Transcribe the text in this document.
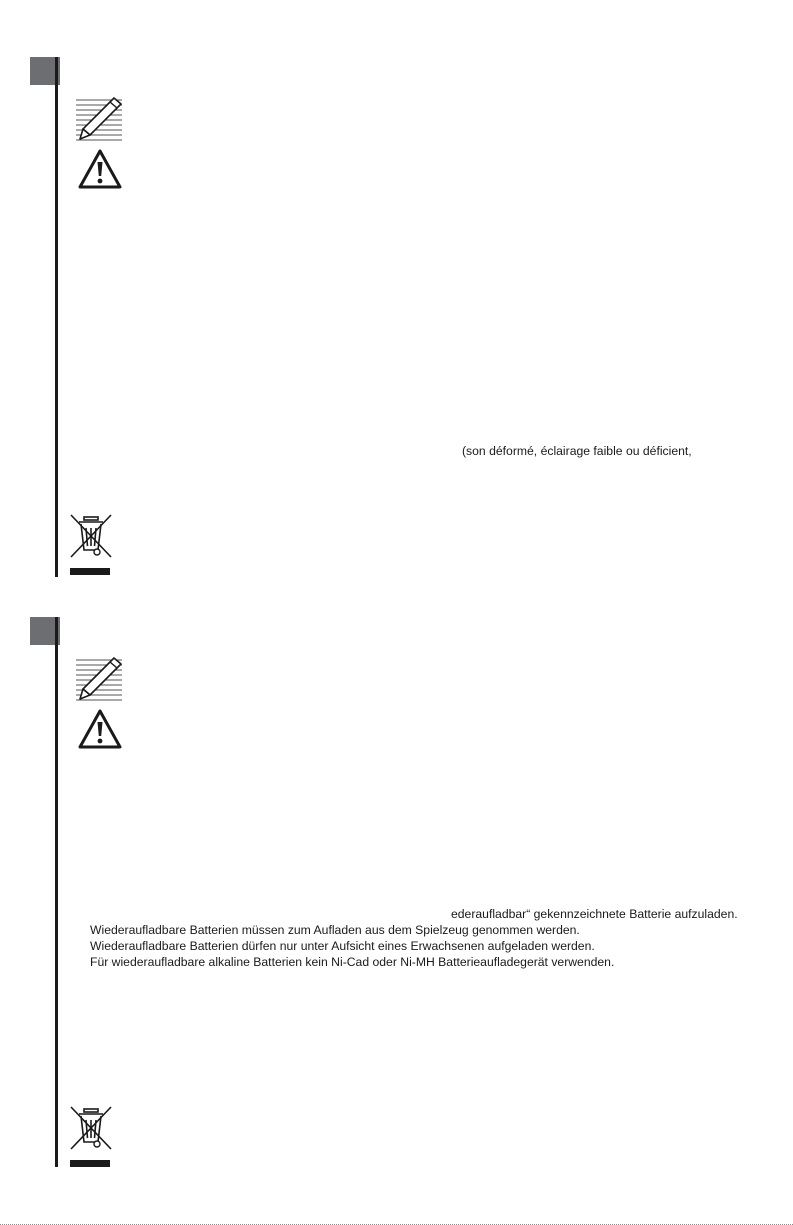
(son déformé, éclairage faible ou déficient,
ederaufladbar“ gekennzeichnete Batterie aufzuladen.
Wiederaufladbare Batterien müssen zum Aufladen aus dem Spielzeug genommen werden.
Wiederaufladbare Batterien dürfen nur unter Aufsicht eines Erwachsenen aufgeladen werden.
Für wiederaufladbare alkaline Batterien kein Ni-Cad oder Ni-MH Batterieaufladegerät verwenden.
